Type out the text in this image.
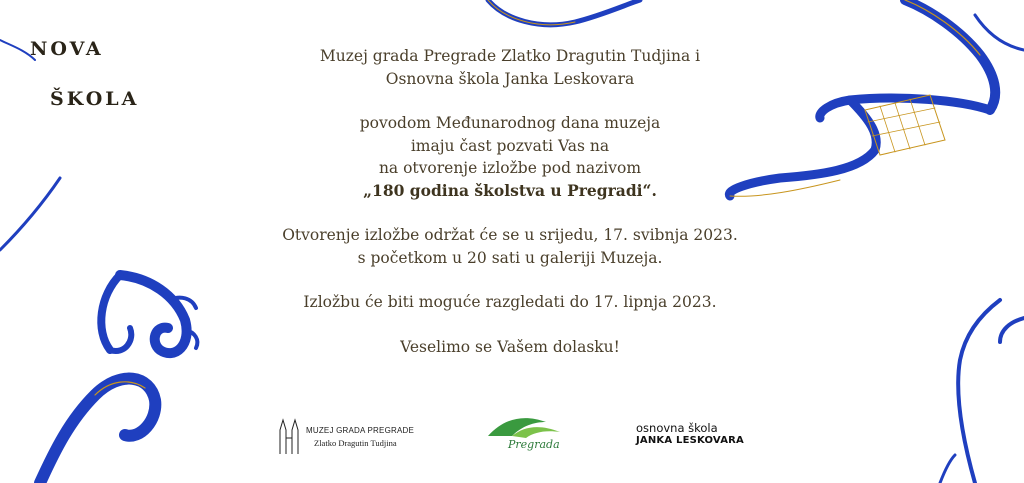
NOVA
ŠKOLA

Muzej grada Pregrade Zlatko Dragutin Tudjina i

Osnovna škola Janka Leskovara

povodom Međunarodnog dana muzeja

imaju čast pozvati Vas na

na otvorenje izložbe pod nazivom

„180 godina školstva u Pregradi“.

Otvorenje izložbe održat će se u srijedu, 17. svibnja 2023.

s početkom u 20 sati u galeriji Muzeja.

Izložbu će biti moguće razgledati do 17. lipnja 2023.

Veselimo se Vašem dolasku!

MUZEJ GRADA PREGRADE
Zlatko Dragutin Tudjina	Pregrada
osnovna škola
JANKA LESKOVARA
